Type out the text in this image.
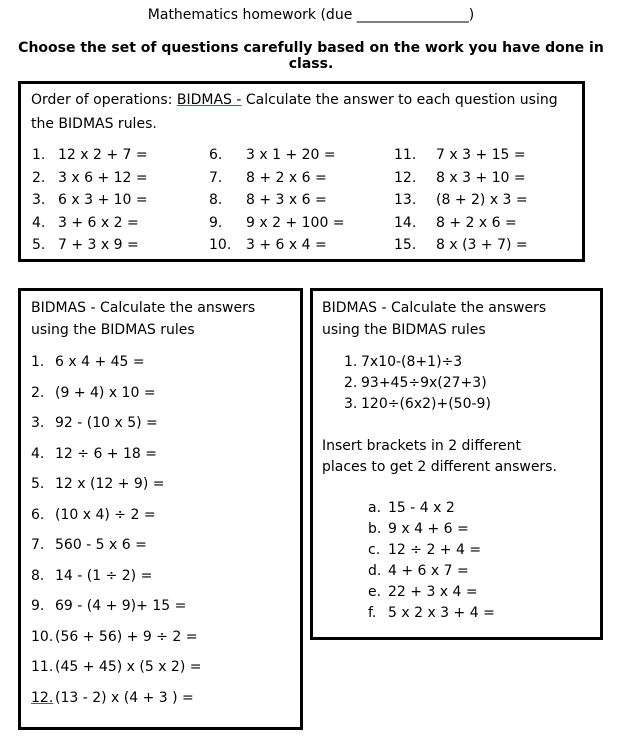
Mathematics homework (due ________________)
Choose the set of questions carefully based on the work you have done in class.
Order of operations: BIDMAS - Calculate the answer to each question using
the BIDMAS rules.
1. 12 x 2 + 7 =
2. 3 x 6 + 12 =
3. 6 x 3 + 10 =
4. 3 + 6 x 2 =
5. 7 + 3 x 9 =
6. 3 x 1 + 20 =
7. 8 + 2 x 6 =
8. 8 + 3 x 6 =
9. 9 x 2 + 100 =
10. 3 + 6 x 4 =
11. 7 x 3 + 15 =
12. 8 x 3 + 10 =
13. (8 + 2) x 3 =
14. 8 + 2 x 6 =
15. 8 x (3 + 7) =
BIDMAS - Calculate the answers
using the BIDMAS rules
1. 6 x 4 + 45 =
2. (9 + 4) x 10 =
3. 92 - (10 x 5) =
4. 12 ÷ 6 + 18 =
5. 12 x (12 + 9) =
6. (10 x 4) ÷ 2 =
7. 560 - 5 x 6 =
8. 14 - (1 ÷ 2) =
9. 69 - (4 + 9)+ 15 =
10. (56 + 56) + 9 ÷ 2 =
11. (45 + 45) x (5 x 2) =
12. (13 - 2) x (4 + 3 ) =
BIDMAS - Calculate the answers
using the BIDMAS rules
1. 7x10-(8+1)÷3
2. 93+45÷9x(27+3)
3. 120÷(6x2)+(50-9)
Insert brackets in 2 different
places to get 2 different answers.
a. 15 - 4 x 2
b. 9 x 4 + 6 =
c. 12 ÷ 2 + 4 =
d. 4 + 6 x 7 =
e. 22 + 3 x 4 =
f. 5 x 2 x 3 + 4 =
